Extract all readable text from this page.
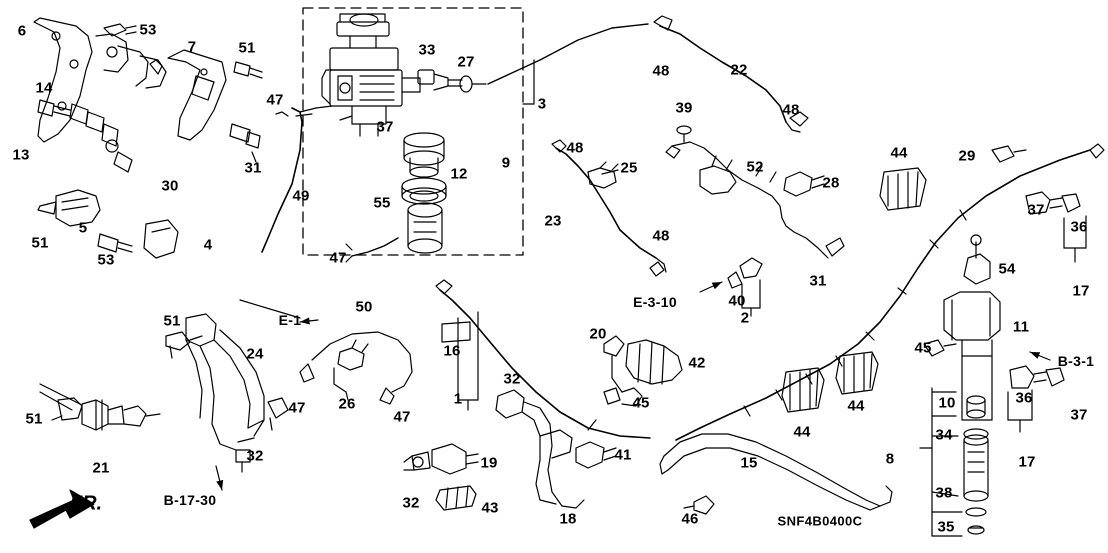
6	53
7	51	33
27
48	22
14
47	3	39	48
37
13
31	12
9
48
25	52
44	29
28
30
49	55
23
37
36
51
5
4
48
31
53	47
54
17
40
2
50
51
20	11
16
42
45
24
26
47
47
1
32
45
44
44	10	36
37
51
34
8	17
41
19
21
32	15
38
46
32	43
18	35
E-3-10
E-1
B-3-1
B-17-30
FR.
SNF4B0400C
